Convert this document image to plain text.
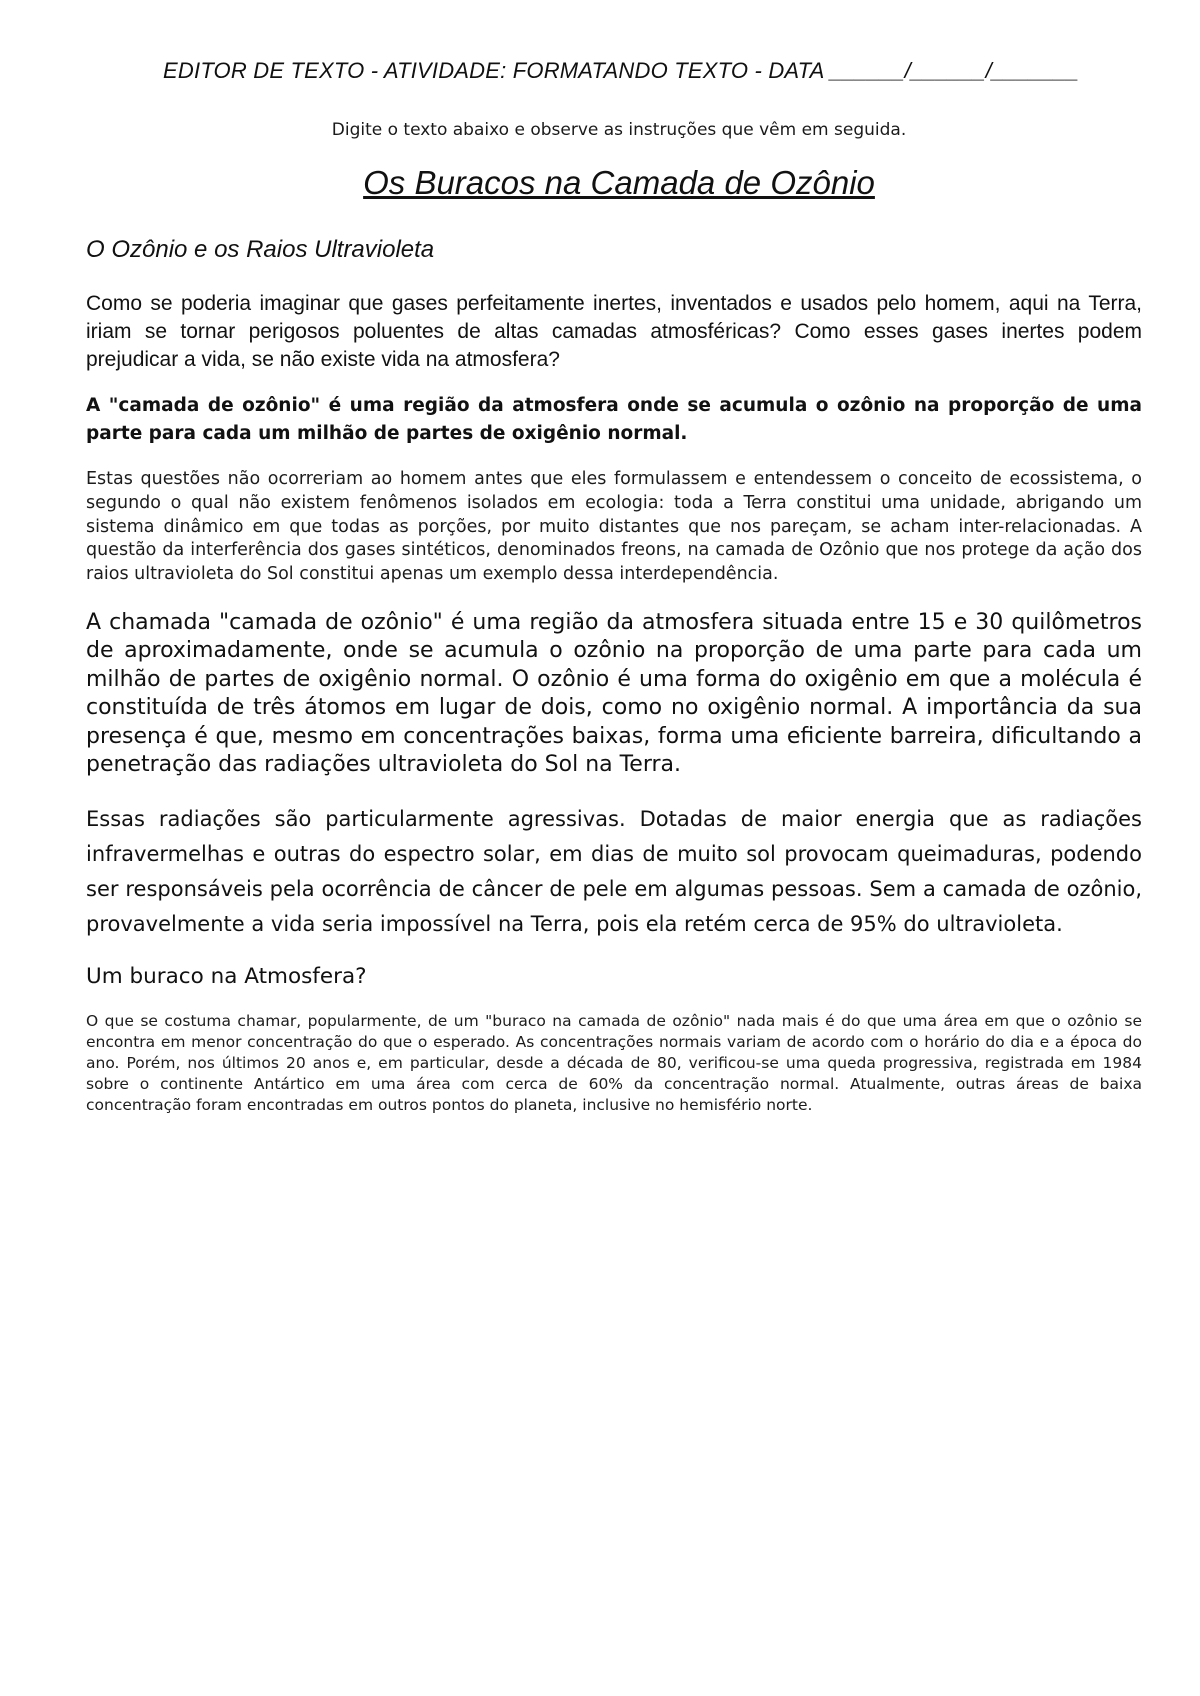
EDITOR DE TEXTO - ATIVIDADE: FORMATANDO TEXTO - DATA ______/______/_______
Digite o texto abaixo e observe as instruções que vêm em seguida.
Os Buracos na Camada de Ozônio
O Ozônio e os Raios Ultravioleta
Como se poderia imaginar que gases perfeitamente inertes, inventados e usados pelo homem, aqui na Terra, iriam se tornar perigosos poluentes de altas camadas atmosféricas? Como esses gases inertes podem prejudicar a vida, se não existe vida na atmosfera?
A "camada de ozônio" é uma região da atmosfera onde se acumula o ozônio na proporção de uma parte para cada um milhão de partes de oxigênio normal.
Estas questões não ocorreriam ao homem antes que eles formulassem e entendessem o conceito de ecossistema, o segundo o qual não existem fenômenos isolados em ecologia: toda a Terra constitui uma unidade, abrigando um sistema dinâmico em que todas as porções, por muito distantes que nos pareçam, se acham inter-relacionadas. A questão da interferência dos gases sintéticos, denominados freons, na camada de Ozônio que nos protege da ação dos raios ultravioleta do Sol constitui apenas um exemplo dessa interdependência.
A chamada "camada de ozônio" é uma região da atmosfera situada entre 15 e 30 quilômetros de aproximadamente, onde se acumula o ozônio na proporção de uma parte para cada um milhão de partes de oxigênio normal. O ozônio é uma forma do oxigênio em que a molécula é constituída de três átomos em lugar de dois, como no oxigênio normal. A importância da sua presença é que, mesmo em concentrações baixas, forma uma eficiente barreira, dificultando a penetração das radiações ultravioleta do Sol na Terra.
Essas radiações são particularmente agressivas. Dotadas de maior energia que as radiações infravermelhas e outras do espectro solar, em dias de muito sol provocam queimaduras, podendo ser responsáveis pela ocorrência de câncer de pele em algumas pessoas. Sem a camada de ozônio, provavelmente a vida seria impossível na Terra, pois ela retém cerca de 95% do ultravioleta.
Um buraco na Atmosfera?
O que se costuma chamar, popularmente, de um "buraco na camada de ozônio" nada mais é do que uma área em que o ozônio se encontra em menor concentração do que o esperado. As concentrações normais variam de acordo com o horário do dia e a época do ano. Porém, nos últimos 20 anos e, em particular, desde a década de 80, verificou-se uma queda progressiva, registrada em 1984 sobre o continente Antártico em uma área com cerca de 60% da concentração normal. Atualmente, outras áreas de baixa concentração foram encontradas em outros pontos do planeta, inclusive no hemisfério norte.
